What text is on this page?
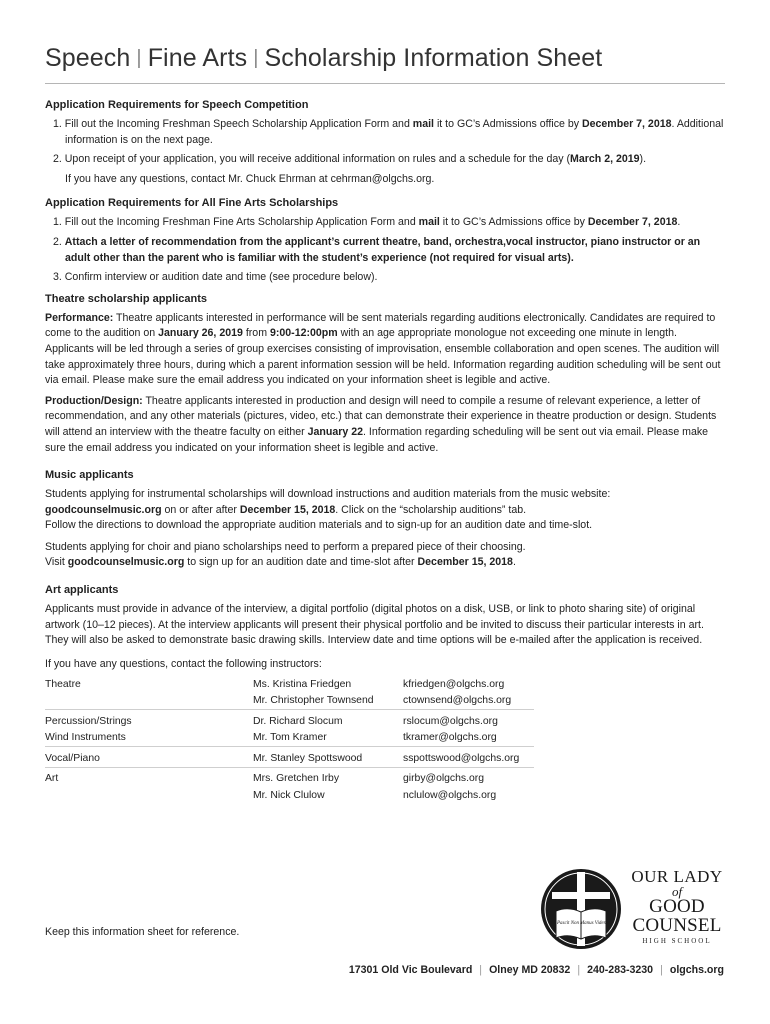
Speech | Fine Arts | Scholarship Information Sheet
Application Requirements for Speech Competition

1. Fill out the Incoming Freshman Speech Scholarship Application Form and mail it to GC’s Admissions office by December 7, 2018. Additional information is on the next page.

2. Upon receipt of your application, you will receive additional information on rules and a schedule for the day (March 2, 2019).

If you have any questions, contact Mr. Chuck Ehrman at cehrman@olgchs.org.

Application Requirements for All Fine Arts Scholarships

1. Fill out the Incoming Freshman Fine Arts Scholarship Application Form and mail it to GC’s Admissions office by December 7, 2018.

2. Attach a letter of recommendation from the applicant’s current theatre, band, orchestra,vocal instructor, piano instructor or an adult other than the parent who is familiar with the student’s experience (not required for visual arts).

3. Confirm interview or audition date and time (see procedure below).

Theatre scholarship applicants

Performance: Theatre applicants interested in performance will be sent materials regarding auditions electronically. Candidates are required to come to the audition on January 26, 2019 from 9:00-12:00pm with an age appropriate monologue not exceeding one minute in length. Applicants will be led through a series of group exercises consisting of improvisation, ensemble collaboration and open scenes. The audition will take approximately three hours, during which a parent information session will be held. Information regarding audition scheduling will be sent out via email. Please make sure the email address you indicated on your information sheet is legible and active.

Production/Design: Theatre applicants interested in production and design will need to compile a resume of relevant experience, a letter of recommendation, and any other materials (pictures, video, etc.) that can demonstrate their experience in theatre production or design. Students will attend an interview with the theatre faculty on either January 22. Information regarding scheduling will be sent out via email. Please make sure the email address you indicated on your information sheet is legible and active.

Music applicants

Students applying for instrumental scholarships will download instructions and audition materials from the music website: goodcounselmusic.org on or after after December 15, 2018. Click on the “scholarship auditions” tab.
Follow the directions to download the appropriate audition materials and to sign-up for an audition date and time-slot.

Students applying for choir and piano scholarships need to perform a prepared piece of their choosing.
Visit goodcounselmusic.org to sign up for an audition date and time-slot after December 15, 2018.

Art applicants

Applicants must provide in advance of the interview, a digital portfolio (digital photos on a disk, USB, or link to photo sharing site) of original artwork (10–12 pieces). At the interview applicants will present their physical portfolio and be invited to discuss their particular interests in art. They will also be asked to demonstrate basic drawing skills. Interview date and time options will be e-mailed after the application is received.

If you have any questions, contact the following instructors:

Theatre	Ms. Kristina Friedgen	kfriedgen@olgchs.org
	Mr. Christopher Townsend	ctownsend@olgchs.org
Percussion/Strings	Dr. Richard Slocum	rslocum@olgchs.org
Wind Instruments	Mr. Tom Kramer	tkramer@olgchs.org
Vocal/Piano	Mr. Stanley Spottswood	sspottswood@olgchs.org
Art	Mrs. Gretchen Irby	girby@olgchs.org
	Mr. Nick Clulow	nclulow@olgchs.org
Keep this information sheet for reference.
Pascit Non Manus Videns
OUR LADY
of
GOOD
COUNSEL
HIGH SCHOOL
17301 Old Vic Boulevard | Olney MD 20832 | 240-283-3230 | olgchs.org
